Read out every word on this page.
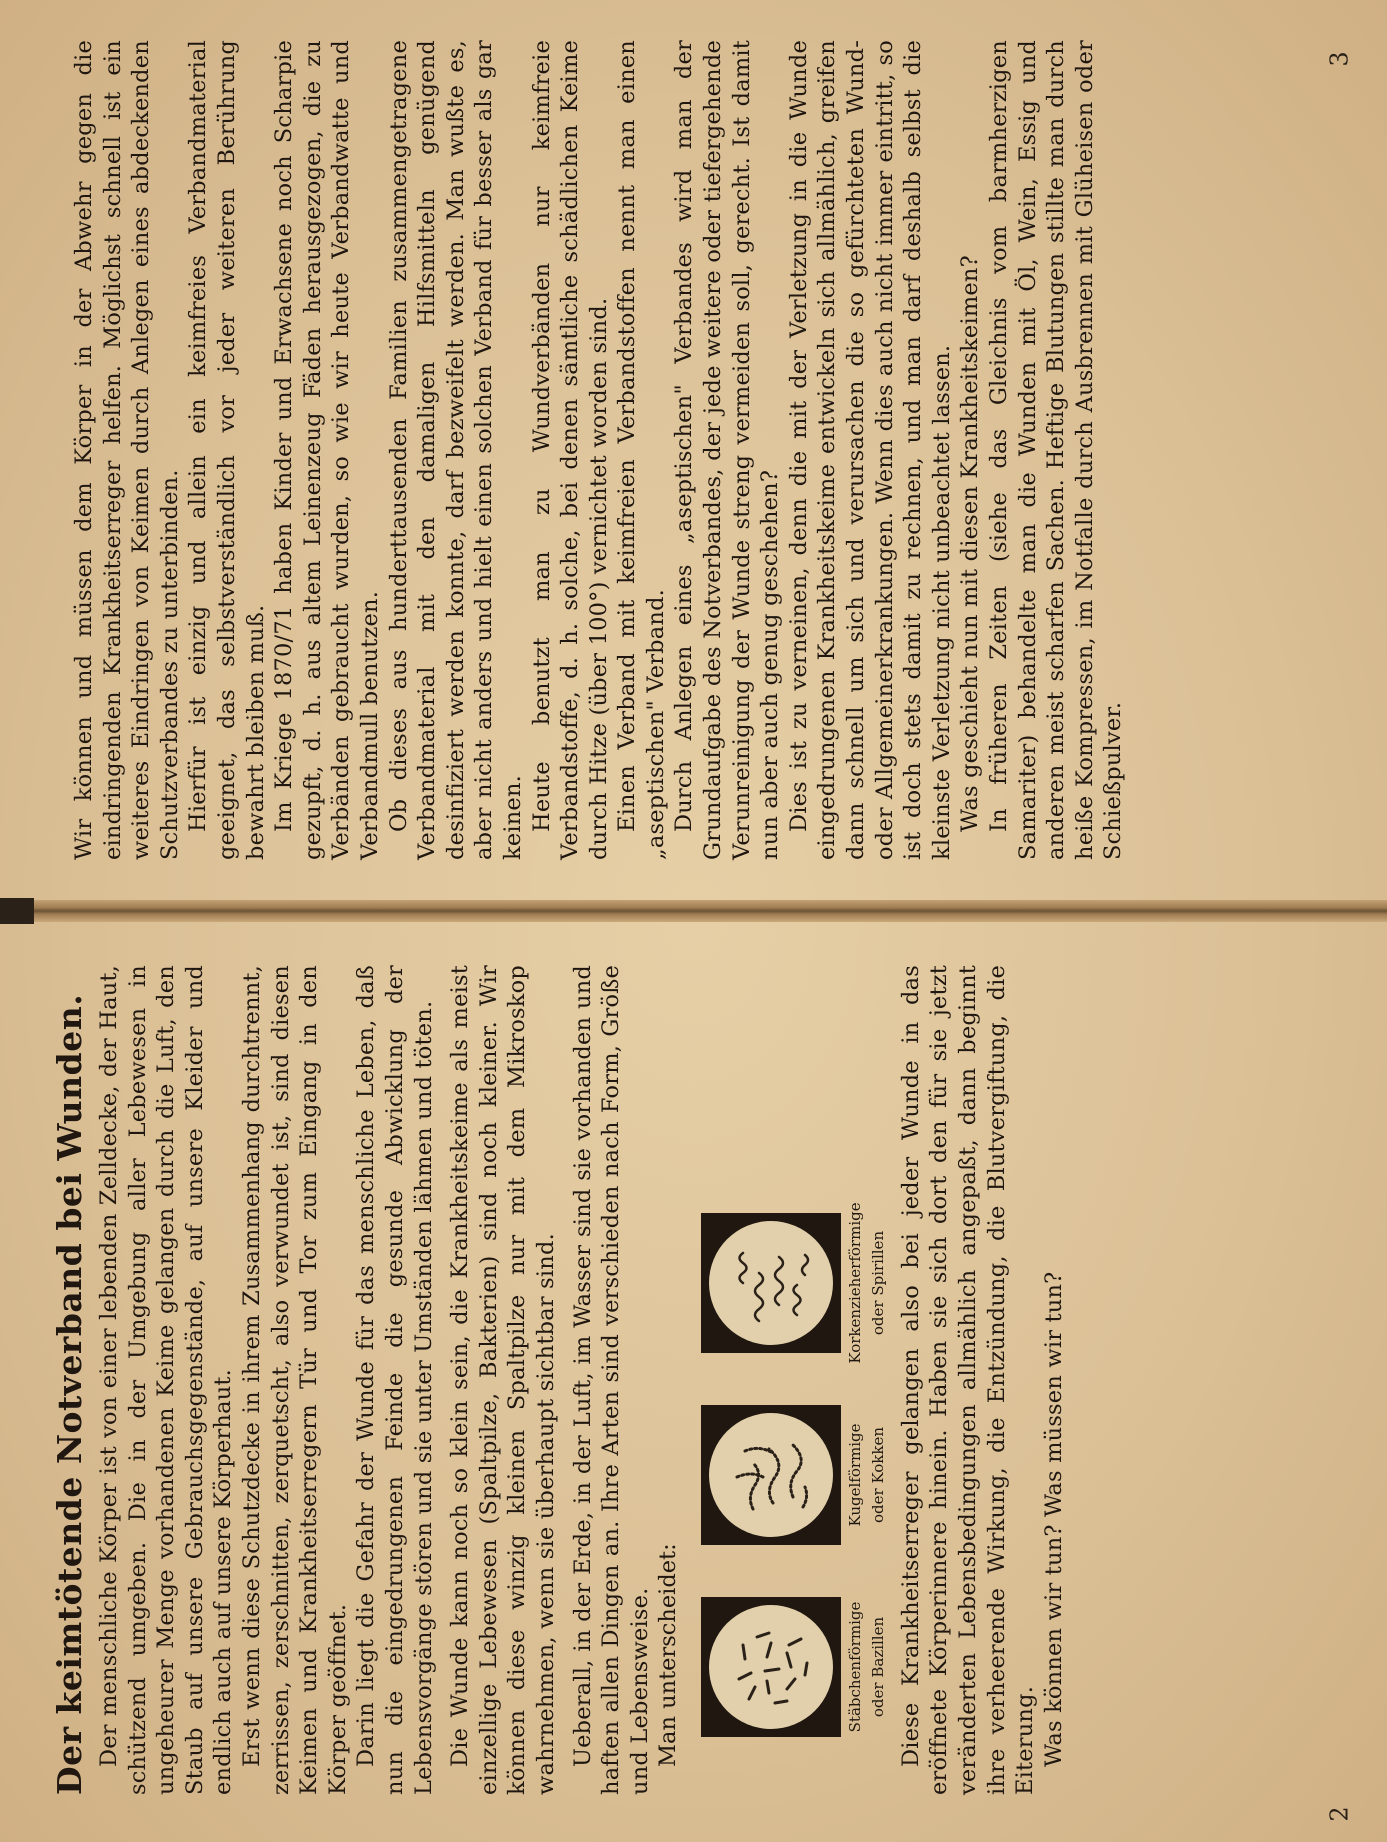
3
2

Wir können und müssen dem Körper in der Abwehr gegen die eindringenden Krankheitserreger helfen. Möglichst schnell ist ein weiteres Eindringen von Keimen durch Anlegen eines abdeckenden Schutzverbandes zu unterbinden. Hierfür ist einzig und allein ein keimfreies Verbandmaterial geeignet, das selbstverständlich vor jeder weiteren Berührung bewahrt bleiben muß. Im Kriege 1870/71 haben Kinder und Erwachsene noch Scharpie gezupft, d. h. aus altem Leinenzeug Fäden herausgezogen, die zu Verbänden gebraucht wurden, so wie wir heute Verbandwatte und Verbandmull benutzen. Ob dieses aus hunderttausenden Familien zusammengetragene Verbandmaterial mit den damaligen Hilfsmitteln genügend desinfiziert werden konnte, darf bezweifelt werden. Man wußte es, aber nicht anders und hielt einen solchen Verband für besser als gar keinen. Heute benutzt man zu Wundverbänden nur keimfreie Verbandstoffe, d. h. solche, bei denen sämtliche schädlichen Keime durch Hitze (über 100°) vernichtet worden sind. Einen Verband mit keimfreien Verbandstoffen nennt man einen „aseptischen" Verband. Durch Anlegen eines „aseptischen" Verbandes wird man der Grundaufgabe des Notverbandes, der jede weitere oder tiefergehende Verunreinigung der Wunde streng vermeiden soll, gerecht. Ist damit nun aber auch genug geschehen? Dies ist zu verneinen, denn die mit der Verletzung in die Wunde eingedrungenen Krankheitskeime entwickeln sich allmählich, greifen dann schnell um sich und verursachen die so gefürchteten Wund- oder Allgemeinerkrankungen. Wenn dies auch nicht immer eintritt, so ist doch stets damit zu rechnen, und man darf deshalb selbst die kleinste Verletzung nicht unbeachtet lassen. Was geschieht nun mit diesen Krankheitskeimen? In früheren Zeiten (siehe das Gleichnis vom barmherzigen Samariter) behandelte man die Wunden mit Öl, Wein, Essig und anderen meist scharfen Sachen. Heftige Blutungen stillte man durch heiße Kompressen, im Notfalle durch Ausbrennen mit Glüheisen oder Schießpulver.

Der keimtötende Notverband bei Wunden. Der menschliche Körper ist von einer lebenden Zelldecke, der Haut, schützend umgeben. Die in der Umgebung aller Lebewesen in ungeheurer Menge vorhandenen Keime gelangen durch die Luft, den Staub auf unsere Gebrauchsgegenstände, auf unsere Kleider und endlich auch auf unsere Körperhaut. Erst wenn diese Schutzdecke in ihrem Zusammenhang durchtrennt, zerrissen, zerschnitten, zerquetscht, also verwundet ist, sind diesen Keimen und Krankheitserregern Tür und Tor zum Eingang in den Körper geöffnet. Darin liegt die Gefahr der Wunde für das menschliche Leben, daß nun die eingedrungenen Feinde die gesunde Abwicklung der Lebensvorgänge stören und sie unter Umständen lähmen und töten. Die Wunde kann noch so klein sein, die Krankheitskeime als meist einzellige Lebewesen (Spaltpilze, Bakterien) sind noch kleiner. Wir können diese winzig kleinen Spaltpilze nur mit dem Mikroskop wahrnehmen, wenn sie überhaupt sichtbar sind. Ueberall, in der Erde, in der Luft, im Wasser sind sie vorhanden und haften allen Dingen an. Ihre Arten sind verschieden nach Form, Größe und Lebensweise. Man unterscheidet:	Stäbchenförmige oder Bazillen
Kugelförmige oder Kokken
Korkenzieherförmige oder Spirillen Diese Krankheitserreger gelangen also bei jeder Wunde in das eröffnete Körperinnere hinein. Haben sie sich dort den für sie jetzt veränderten Lebensbedingungen allmählich angepaßt, dann beginnt ihre verheerende Wirkung, die Entzündung, die Blutvergiftung, die Eiterung. Was können wir tun? Was müssen wir tun?
